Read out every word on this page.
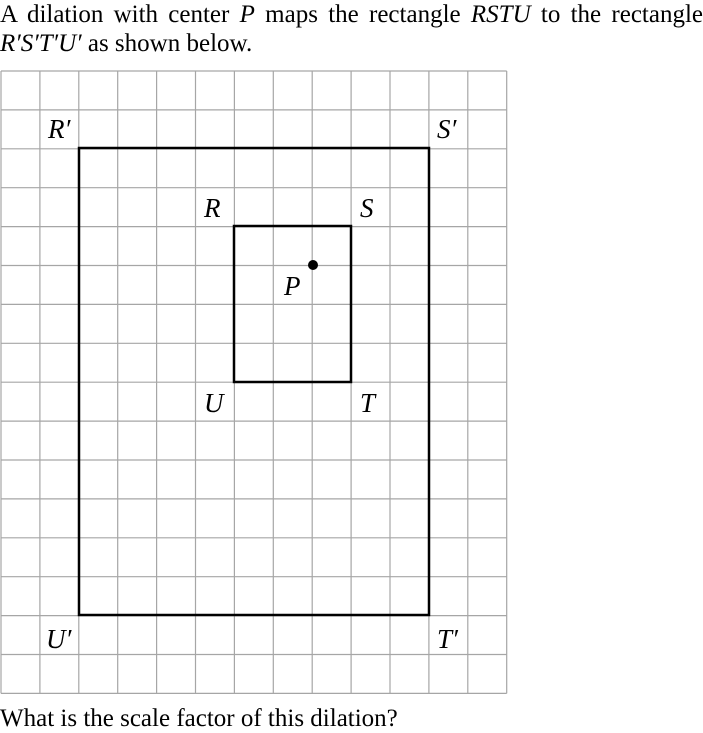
A dilation with center P maps the rectangle RSTU to the rectangle R′S′T′U′ as shown below.

R′	S′
U′	T′
R	S
U	T
P

What is the scale factor of this dilation?
